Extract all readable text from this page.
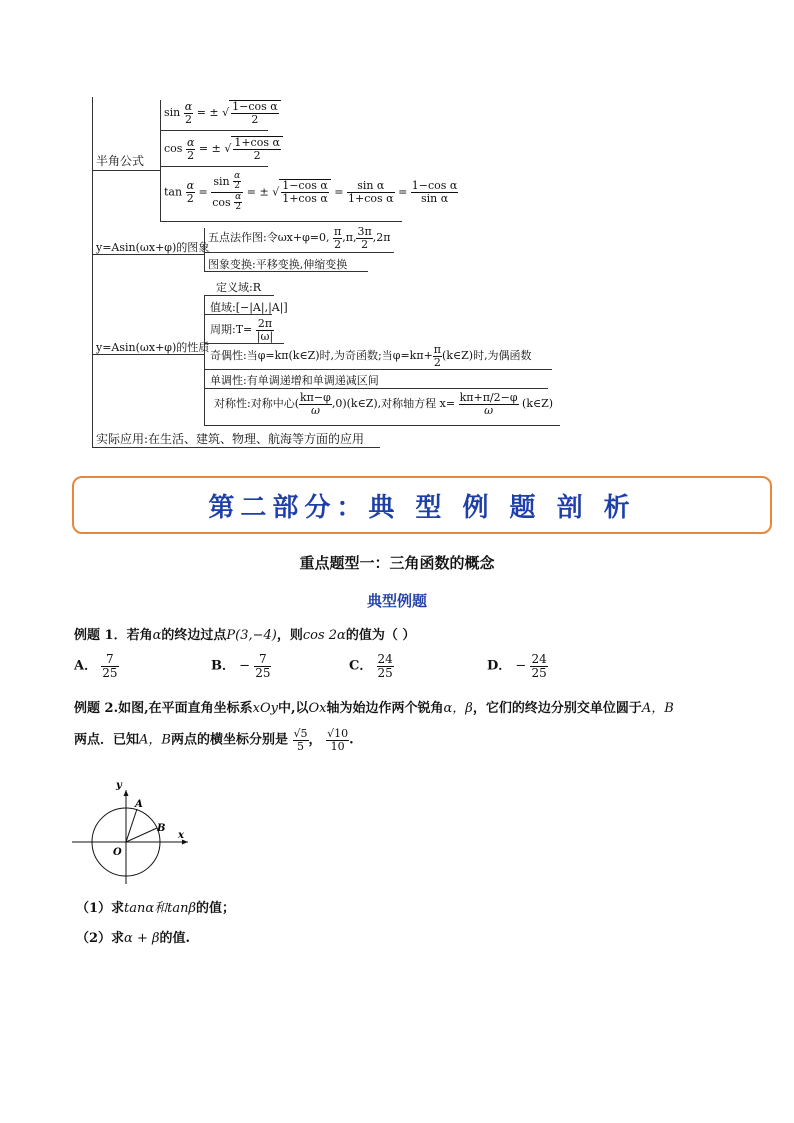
半角公式
$\sin \frac{\alpha}{2}$ = ± √ $\frac{\text{1−cos α}}{2}$
$\cos \frac{\alpha}{2}$ = ± √ $\frac{\text{1+cos α}}{2}$
$\tan \frac{\alpha}{2} = \frac{\sin \frac{\alpha}{2}}{\cos \frac{\alpha}{2}}$ = ± √ $\frac{\text{1−cos α}}{\text{1+cos α}} = \frac{\text{sin α}}{\text{1+cos α}} = \frac{\text{1−cos α}}{\text{sin α}}$
y=Asin(ωx+φ)的图象
五点法作图:令ωx+φ=0, $\frac{\pi}{2} ,\pi$, $\frac{3\pi}{2} ,2\pi$
图象变换:平移变换,伸缩变换
y=Asin(ωx+φ)的性质
定义域:R
值域:[−|A|,|A|]
周期:T= $\frac{2\pi}{|\omega|}$
奇偶性:当φ=kπ(k∈Z)时,为奇函数;当$\varphi=k\pi+ \frac{\pi}{2}$ (k∈Z)时,为偶函数
单调性:有单调递增和单调递减区间
对称性:对称中心( $\frac{k\pi-\varphi}{\omega}$ ,0)(k∈Z),对称轴方程 $x= \frac{k\pi+\pi/2-\varphi}{\omega}$ (k∈Z)
实际应用:在生活、建筑、物理、航海等方面的应用
第二部分：典 型 例 题 剖 析
重点题型一：三角函数的概念
典型例题
例题 1．若角α的终边过点P(3,−4)，则cos 2α的值为（ ）
A． $\frac{7}{25}$	B． − $\frac{7}{25}$	C． $\frac{24}{25}$	D． − $\frac{24}{25}$
例题 2.如图,在平面直角坐标系xOy中,以Ox轴为始边作两个锐角α，β，它们的终边分别交单位圆于A，B
两点．已知A，B两点的横坐标分别是 $\frac{√5}{5}$ ， $\frac{√10}{10}$ .
y
x
O
A
B
（1）求tanα和tanβ的值；
（2）求α + β的值.
